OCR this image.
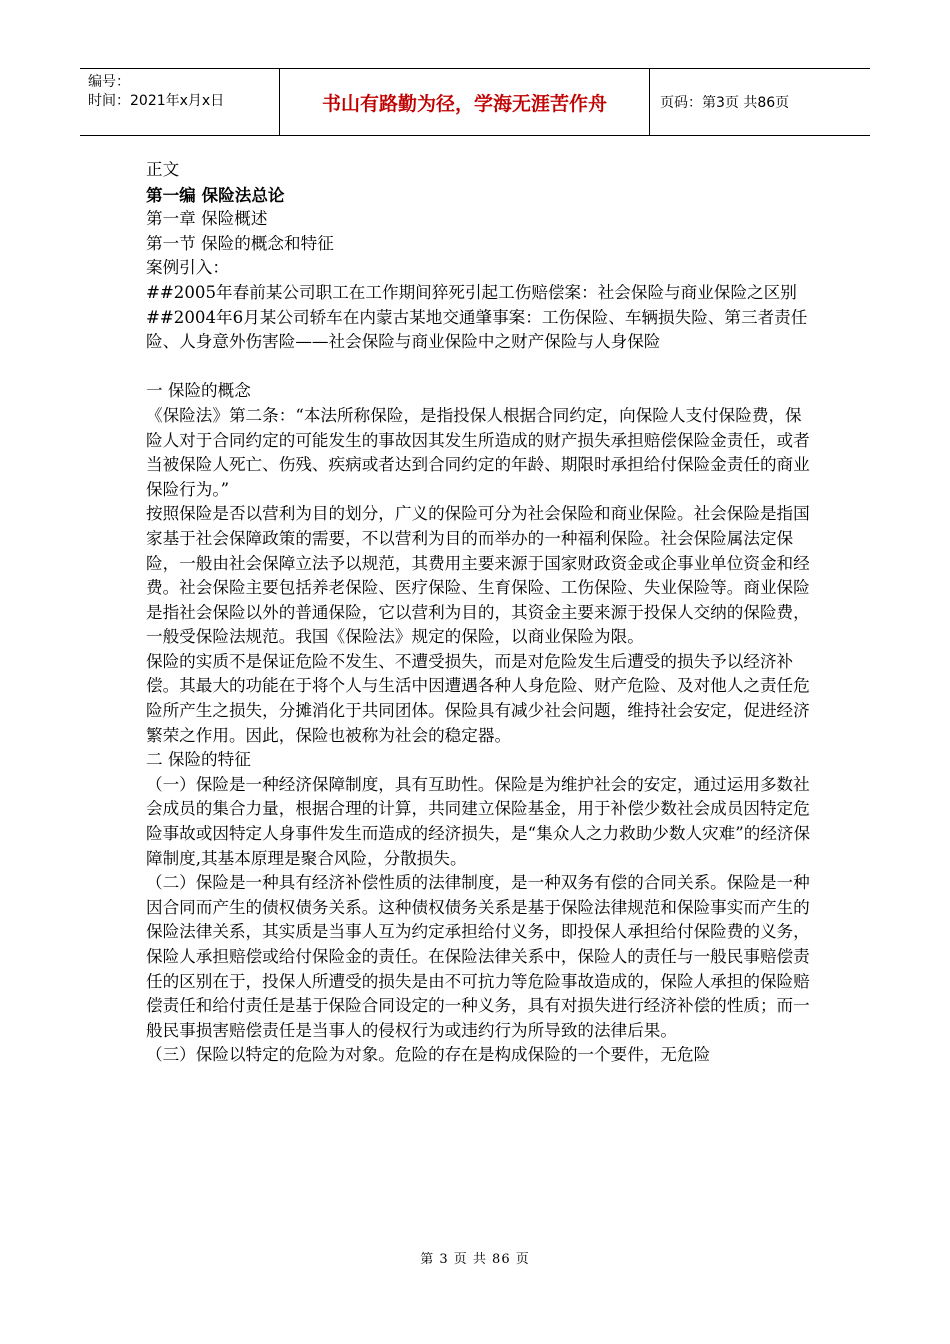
编号：
时间：2021年x月x日	书山有路勤为径，学海无涯苦作舟	页码：第3页 共86页

正文

第一编 保险法总论

第一章 保险概述

第一节 保险的概念和特征

案例引入：

##2005年春前某公司职工在工作期间猝死引起工伤赔偿案：社会保险与商业保险之区别

##2004年6月某公司轿车在内蒙古某地交通肇事案：工伤保险、车辆损失险、第三者责任险、人身意外伤害险——社会保险与商业保险中之财产保险与人身保险

一 保险的概念

《保险法》第二条：“本法所称保险，是指投保人根据合同约定，向保险人支付保险费，保险人对于合同约定的可能发生的事故因其发生所造成的财产损失承担赔偿保险金责任，或者当被保险人死亡、伤残、疾病或者达到合同约定的年龄、期限时承担给付保险金责任的商业保险行为。”

按照保险是否以营利为目的划分，广义的保险可分为社会保险和商业保险。社会保险是指国家基于社会保障政策的需要，不以营利为目的而举办的一种福利保险。社会保险属法定保险，一般由社会保障立法予以规范，其费用主要来源于国家财政资金或企事业单位资金和经费。社会保险主要包括养老保险、医疗保险、生育保险、工伤保险、失业保险等。商业保险是指社会保险以外的普通保险，它以营利为目的，其资金主要来源于投保人交纳的保险费，一般受保险法规范。我国《保险法》规定的保险，以商业保险为限。

保险的实质不是保证危险不发生、不遭受损失，而是对危险发生后遭受的损失予以经济补偿。其最大的功能在于将个人与生活中因遭遇各种人身危险、财产危险、及对他人之责任危险所产生之损失，分摊消化于共同团体。保险具有减少社会问题，维持社会安定，促进经济繁荣之作用。因此，保险也被称为社会的稳定器。

二 保险的特征

（一）保险是一种经济保障制度，具有互助性。保险是为维护社会的安定，通过运用多数社会成员的集合力量，根据合理的计算，共同建立保险基金，用于补偿少数社会成员因特定危险事故或因特定人身事件发生而造成的经济损失，是“集众人之力救助少数人灾难”的经济保障制度,其基本原理是聚合风险，分散损失。

（二）保险是一种具有经济补偿性质的法律制度，是一种双务有偿的合同关系。保险是一种因合同而产生的债权债务关系。这种债权债务关系是基于保险法律规范和保险事实而产生的保险法律关系，其实质是当事人互为约定承担给付义务，即投保人承担给付保险费的义务，保险人承担赔偿或给付保险金的责任。在保险法律关系中，保险人的责任与一般民事赔偿责任的区别在于，投保人所遭受的损失是由不可抗力等危险事故造成的，保险人承担的保险赔偿责任和给付责任是基于保险合同设定的一种义务，具有对损失进行经济补偿的性质；而一般民事损害赔偿责任是当事人的侵权行为或违约行为所导致的法律后果。

（三）保险以特定的危险为对象。危险的存在是构成保险的一个要件，无危险

第 3 页 共 86 页
